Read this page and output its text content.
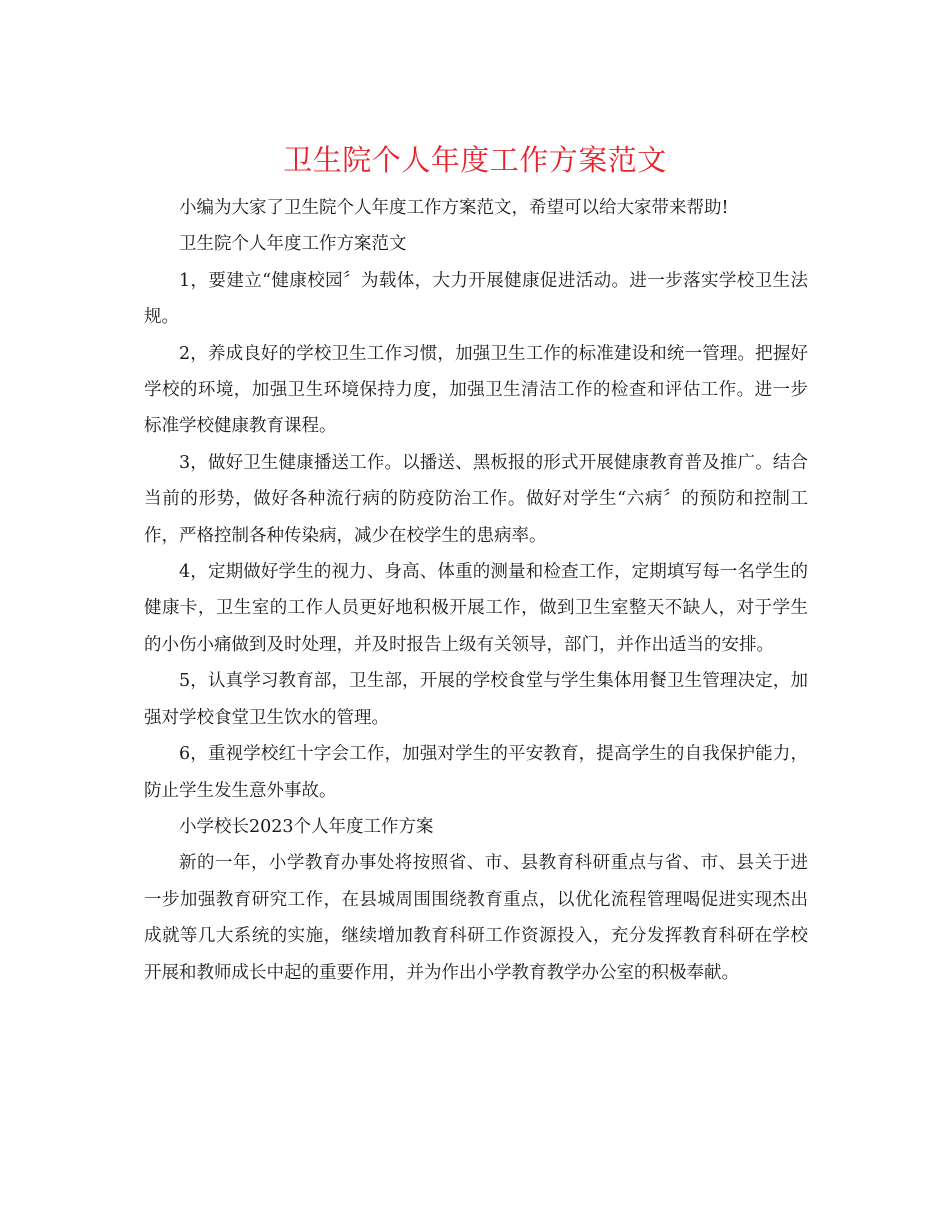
卫生院个人年度工作方案范文

小编为大家了卫生院个人年度工作方案范文，希望可以给大家带来帮助!

卫生院个人年度工作方案范文

1，要建立“健康校园〞为载体，大力开展健康促进活动。进一步落实学校卫生法规。

2，养成良好的学校卫生工作习惯，加强卫生工作的标准建设和统一管理。把握好学校的环境，加强卫生环境保持力度，加强卫生清洁工作的检查和评估工作。进一步标准学校健康教育课程。

3，做好卫生健康播送工作。以播送、黑板报的形式开展健康教育普及推广。结合当前的形势，做好各种流行病的防疫防治工作。做好对学生“六病〞的预防和控制工作，严格控制各种传染病，减少在校学生的患病率。

4，定期做好学生的视力、身高、体重的测量和检查工作，定期填写每一名学生的健康卡，卫生室的工作人员更好地积极开展工作，做到卫生室整天不缺人，对于学生的小伤小痛做到及时处理，并及时报告上级有关领导，部门，并作出适当的安排。

5，认真学习教育部，卫生部，开展的学校食堂与学生集体用餐卫生管理决定，加强对学校食堂卫生饮水的管理。

6，重视学校红十字会工作，加强对学生的平安教育，提高学生的自我保护能力，防止学生发生意外事故。

小学校长2023个人年度工作方案

新的一年，小学教育办事处将按照省、市、县教育科研重点与省、市、县关于进一步加强教育研究工作，在县城周围围绕教育重点，以优化流程管理喝促进实现杰出成就等几大系统的实施，继续增加教育科研工作资源投入，充分发挥教育科研在学校开展和教师成长中起的重要作用，并为作出小学教育教学办公室的积极奉献。
